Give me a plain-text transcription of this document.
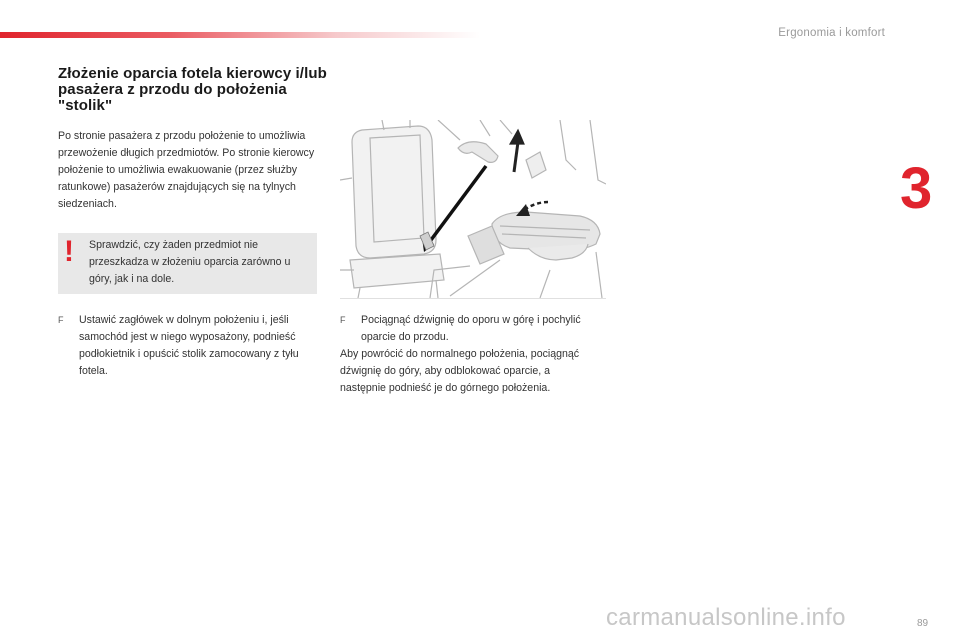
Ergonomia i komfort
3
Złożenie oparcia fotela kierowcy i/lub pasażera z przodu do położenia "stolik"
Po stronie pasażera z przodu położenie to umożliwia przewożenie długich przedmiotów. Po stronie kierowcy położenie to umożliwia ewakuowanie (przez służby ratunkowe) pasażerów znajdujących się na tylnych siedzeniach.
! Sprawdzić, czy żaden przedmiot nie przeszkadza w złożeniu oparcia zarówno u góry, jak i na dole.
F	Ustawić zagłówek w dolnym położeniu i, jeśli samochód jest w niego wyposażony, podnieść podłokietnik i opuścić stolik zamocowany z tyłu fotela.
F	Pociągnąć dźwignię do oporu w górę i pochylić oparcie do przodu.
Aby powrócić do normalnego położenia, pociągnąć dźwignię do góry, aby odblokować oparcie, a następnie podnieść je do górnego położenia.
89
carmanualsonline.info
